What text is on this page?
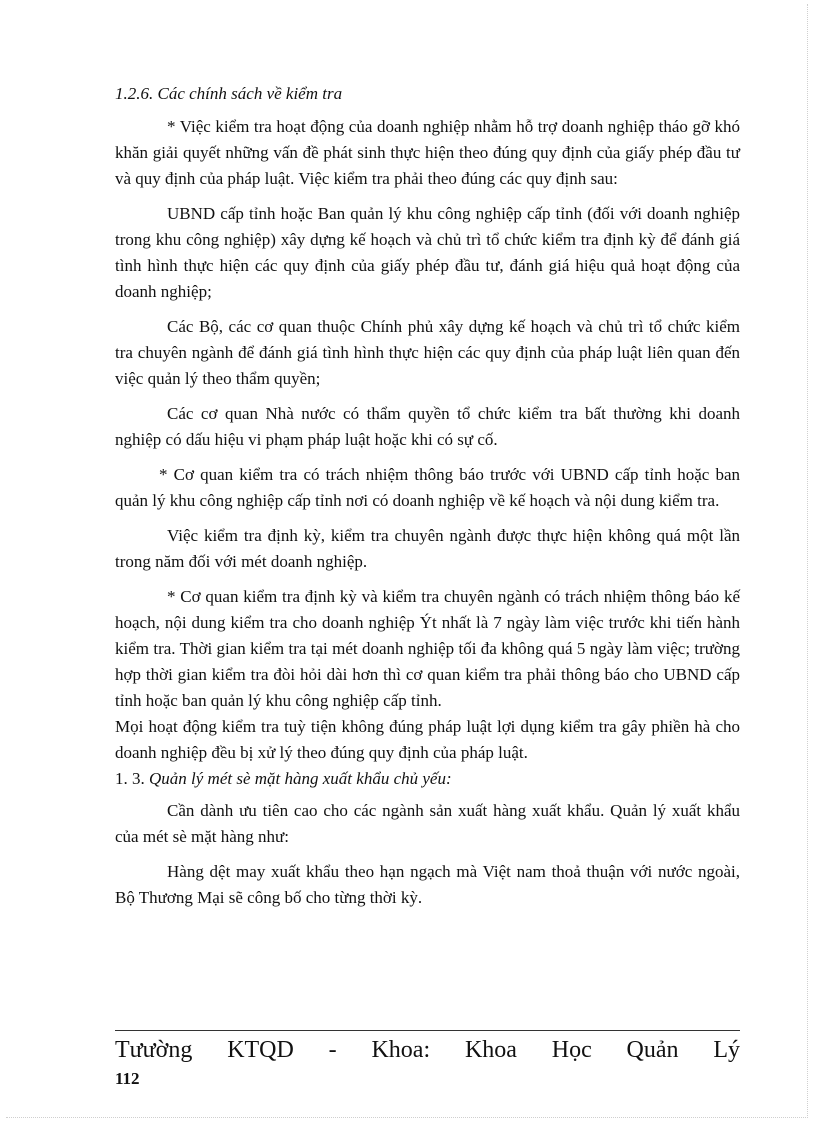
1.2.6. Các chính sách về kiểm tra

* Việc kiểm tra hoạt động của doanh nghiệp nhằm hỗ trợ doanh nghiệp tháo gỡ khó khăn giải quyết những vấn đề phát sinh thực hiện theo đúng quy định của giấy phép đầu tư và quy định của pháp luật. Việc kiểm tra phải theo đúng các quy định sau:

UBND cấp tỉnh hoặc Ban quản lý khu công nghiệp cấp tỉnh (đối với doanh nghiệp trong khu công nghiệp) xây dựng kế hoạch và chủ trì tổ chức kiểm tra định kỳ để đánh giá tình hình thực hiện các quy định của giấy phép đầu tư, đánh giá hiệu quả hoạt động của doanh nghiệp;

Các Bộ, các cơ quan thuộc Chính phủ xây dựng kế hoạch và chủ trì tổ chức kiểm tra chuyên ngành để đánh giá tình hình thực hiện các quy định của pháp luật liên quan đến việc quản lý theo thẩm quyền;

Các cơ quan Nhà nước có thẩm quyền tổ chức kiểm tra bất thường khi doanh nghiệp có dấu hiệu vi phạm pháp luật hoặc khi có sự cố.

* Cơ quan kiểm tra có trách nhiệm thông báo trước với UBND cấp tỉnh hoặc ban quản lý khu công nghiệp cấp tỉnh nơi có doanh nghiệp về kế hoạch và nội dung kiểm tra.

Việc kiểm tra định kỳ, kiểm tra chuyên ngành được thực hiện không quá một lần trong năm đối với mét doanh nghiệp.

* Cơ quan kiểm tra định kỳ và kiểm tra chuyên ngành có trách nhiệm thông báo kế hoạch, nội dung kiểm tra cho doanh nghiệp Ýt nhất là 7 ngày làm việc trước khi tiến hành kiểm tra. Thời gian kiểm tra tại mét doanh nghiệp tối đa không quá 5 ngày làm việc; trường hợp thời gian kiểm tra đòi hỏi dài hơn thì cơ quan kiểm tra phải thông báo cho UBND cấp tỉnh hoặc ban quản lý khu công nghiệp cấp tỉnh.

Mọi hoạt động kiểm tra tuỳ tiện không đúng pháp luật lợi dụng kiểm tra gây phiền hà cho doanh nghiệp đều bị xử lý theo đúng quy định của pháp luật.

1. 3. Quản lý mét sè mặt hàng xuất khẩu chủ yếu:

Cần dành ưu tiên cao cho các ngành sản xuất hàng xuất khẩu. Quản lý xuất khẩu của mét sè mặt hàng như:

Hàng dệt may xuất khẩu theo hạn ngạch mà Việt nam thoả thuận với nước ngoài, Bộ Thương Mại sẽ công bố cho từng thời kỳ.

Tưường KTQD - Khoa: Khoa Học Quản Lý
112
